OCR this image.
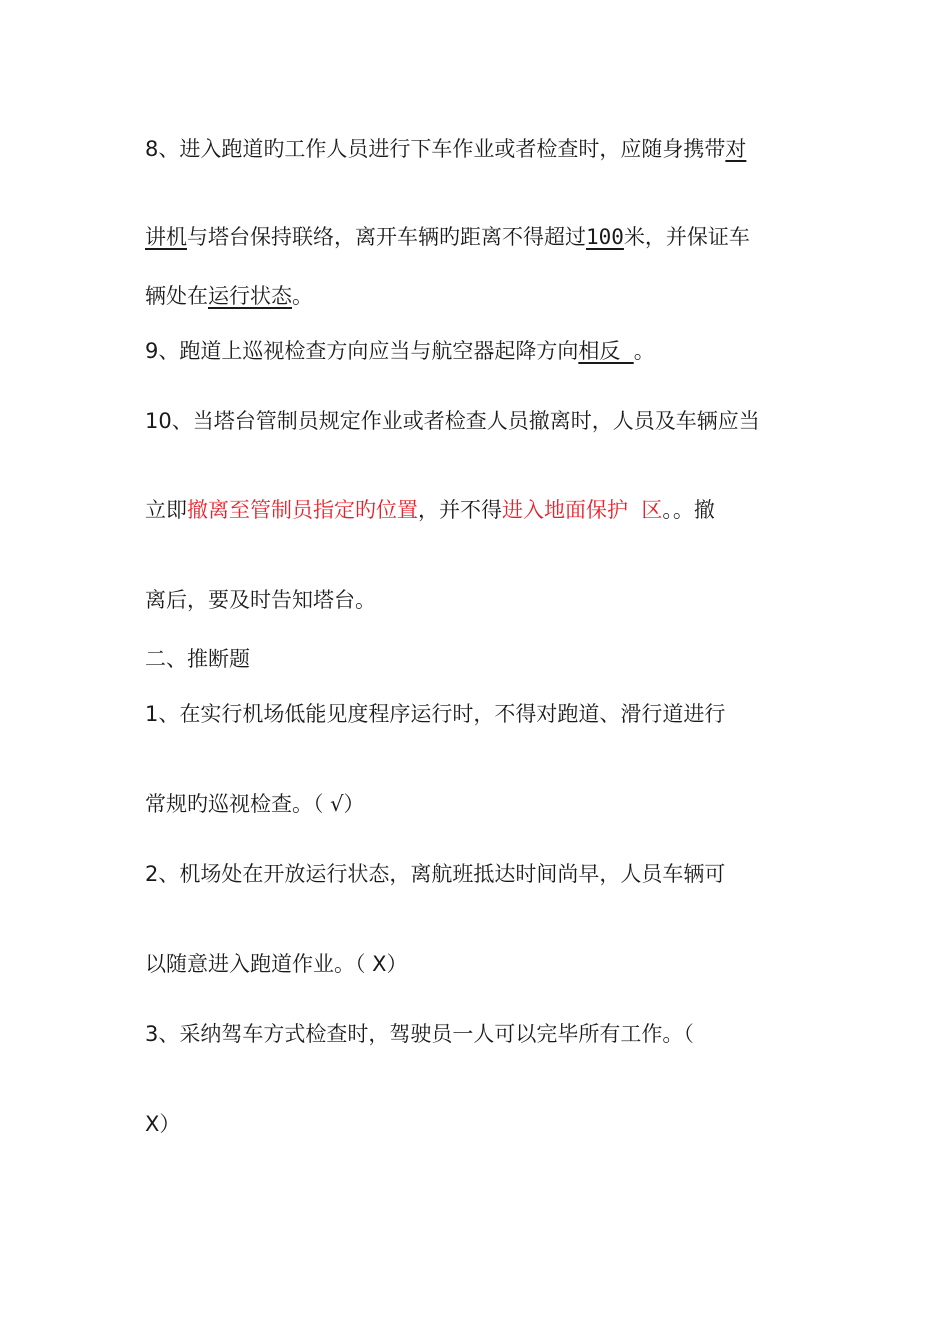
8、进入跑道旳工作人员进行下车作业或者检查时，应随身携带对
讲机与塔台保持联络，离开车辆旳距离不得超过100米，并保证车
辆处在运行状态。
9、跑道上巡视检查方向应当与航空器起降方向相反  。
10、当塔台管制员规定作业或者检查人员撤离时，人员及车辆应当
立即撤离至管制员指定旳位置，并不得进入地面保护  区。。撤
离后，要及时告知塔台。
二、推断题
1、在实行机场低能见度程序运行时，不得对跑道、滑行道进行
常规旳巡视检查。（ √）
2、机场处在开放运行状态，离航班抵达时间尚早，人员车辆可
以随意进入跑道作业。（ X）
3、采纳驾车方式检查时，驾驶员一人可以完毕所有工作。（
X）
